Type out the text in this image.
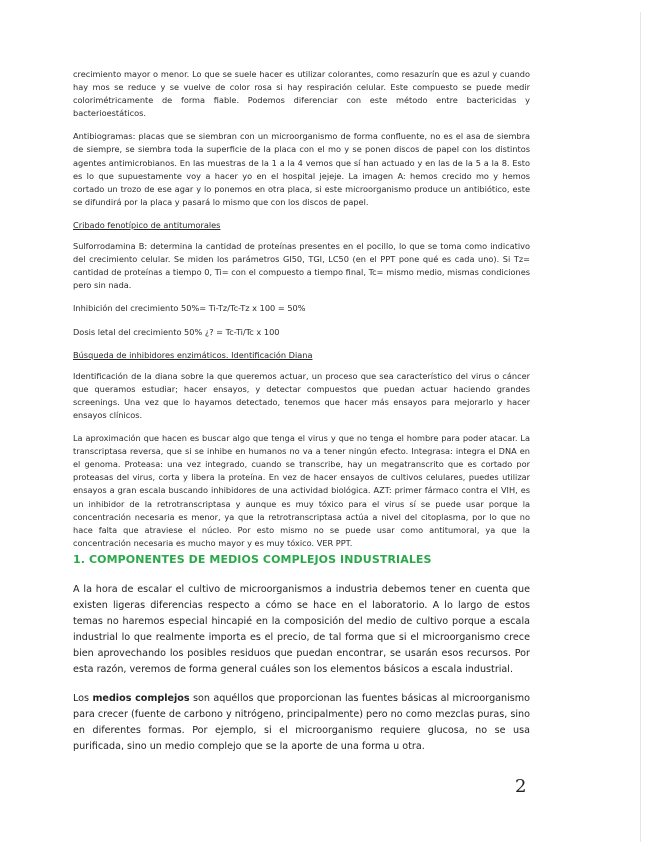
crecimiento mayor o menor. Lo que se suele hacer es utilizar colorantes, como resazurín que es azul y cuando hay mos se reduce y se vuelve de color rosa si hay respiración celular. Este compuesto se puede medir colorimétricamente de forma fiable. Podemos diferenciar con este método entre bactericidas y bacterioestáticos.

Antibiogramas: placas que se siembran con un microorganismo de forma confluente, no es el asa de siembra de siempre, se siembra toda la superficie de la placa con el mo y se ponen discos de papel con los distintos agentes antimicrobianos. En las muestras de la 1 a la 4 vemos que sí han actuado y en las de la 5 a la 8. Esto es lo que supuestamente voy a hacer yo en el hospital jejeje. La imagen A: hemos crecido mo y hemos cortado un trozo de ese agar y lo ponemos en otra placa, si este microorganismo produce un antibiótico, este se difundirá por la placa y pasará lo mismo que con los discos de papel.

Cribado fenotípico de antitumorales

Sulforrodamina B: determina la cantidad de proteínas presentes en el pocillo, lo que se toma como indicativo del crecimiento celular. Se miden los parámetros GI50, TGI, LC50 (en el PPT pone qué es cada uno). Si Tz= cantidad de proteínas a tiempo 0, Ti= con el compuesto a tiempo final, Tc= mismo medio, mismas condiciones pero sin nada.

Inhibición del crecimiento 50%= Ti-Tz/Tc-Tz x 100 = 50%

Dosis letal del crecimiento 50% ¿? = Tc-Ti/Tc x 100

Búsqueda de inhibidores enzimáticos. Identificación Diana

Identificación de la diana sobre la que queremos actuar, un proceso que sea característico del virus o cáncer que queramos estudiar; hacer ensayos, y detectar compuestos que puedan actuar haciendo grandes screenings. Una vez que lo hayamos detectado, tenemos que hacer más ensayos para mejorarlo y hacer ensayos clínicos.

La aproximación que hacen es buscar algo que tenga el virus y que no tenga el hombre para poder atacar. La transcriptasa reversa, que si se inhibe en humanos no va a tener ningún efecto. Integrasa: integra el DNA en el genoma. Proteasa: una vez integrado, cuando se transcribe, hay un megatranscrito que es cortado por proteasas del virus, corta y libera la proteína. En vez de hacer ensayos de cultivos celulares, puedes utilizar ensayos a gran escala buscando inhibidores de una actividad biológica. AZT: primer fármaco contra el VIH, es un inhibidor de la retrotranscriptasa y aunque es muy tóxico para el virus sí se puede usar porque la concentración necesaria es menor, ya que la retrotranscriptasa actúa a nivel del citoplasma, por lo que no hace falta que atraviese el núcleo. Por esto mismo no se puede usar como antitumoral, ya que la concentración necesaria es mucho mayor y es muy tóxico. VER PPT.

1. COMPONENTES DE MEDIOS COMPLEJOS INDUSTRIALES

A la hora de escalar el cultivo de microorganismos a industria debemos tener en cuenta que existen ligeras diferencias respecto a cómo se hace en el laboratorio. A lo largo de estos temas no haremos especial hincapié en la composición del medio de cultivo porque a escala industrial lo que realmente importa es el precio, de tal forma que si el microorganismo crece bien aprovechando los posibles residuos que puedan encontrar, se usarán esos recursos. Por esta razón, veremos de forma general cuáles son los elementos básicos a escala industrial.

Los medios complejos son aquéllos que proporcionan las fuentes básicas al microorganismo para crecer (fuente de carbono y nitrógeno, principalmente) pero no como mezclas puras, sino en diferentes formas. Por ejemplo, si el microorganismo requiere glucosa, no se usa purificada, sino un medio complejo que se la aporte de una forma u otra.

2
